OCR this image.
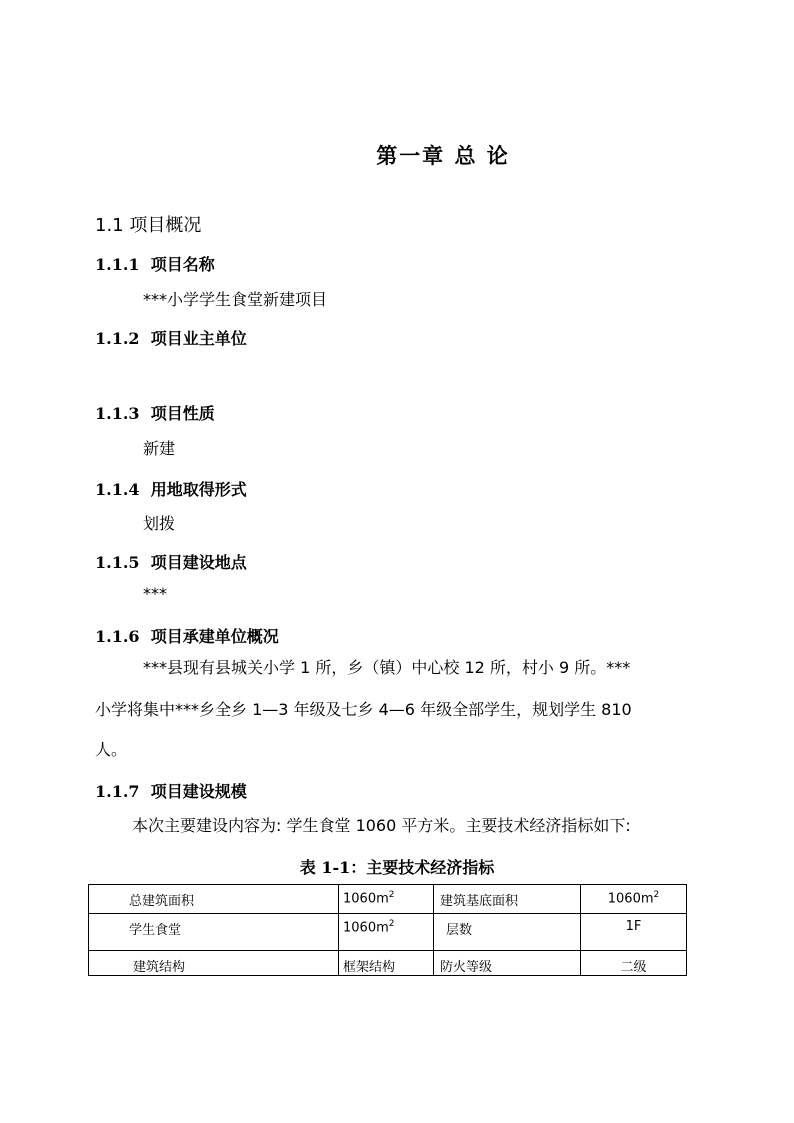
第一章 总 论
1.1 项目概况
1.1.1 项目名称
***小学学生食堂新建项目
1.1.2 项目业主单位
1.1.3 项目性质
新建
1.1.4 用地取得形式
划拨
1.1.5 项目建设地点
***
1.1.6 项目承建单位概况
***县现有县城关小学 1 所，乡（镇）中心校 12 所，村小 9 所。***
小学将集中***乡全乡 1—3 年级及七乡 4—6 年级全部学生，规划学生 810
人。
1.1.7 项目建设规模
本次主要建设内容为: 学生食堂 1060 平方米。主要技术经济指标如下:
表 1-1：主要技术经济指标
总建筑面积	$1060m^2$	建筑基底面积	$1060m^2$

学生食堂	$1060m^2$	层数	1F

建筑结构	框架结构	防火等级	二级
